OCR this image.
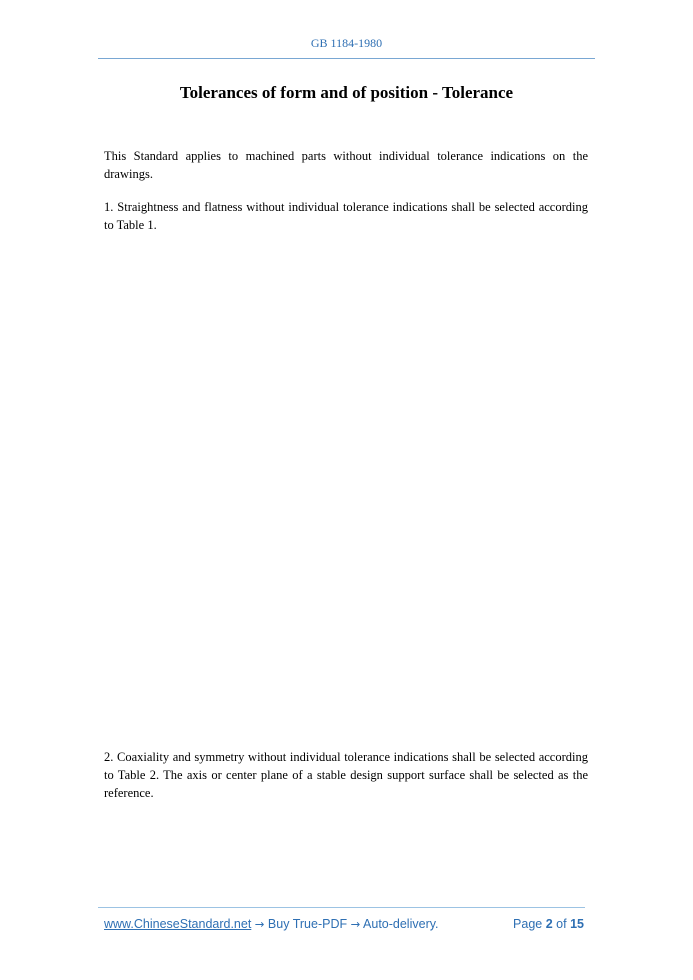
GB 1184-1980
Tolerances of form and of position - Tolerance
This Standard applies to machined parts without individual tolerance indications on the drawings.
1. Straightness and flatness without individual tolerance indications shall be selected according to Table 1.
2. Coaxiality and symmetry without individual tolerance indications shall be selected according to Table 2. The axis or center plane of a stable design support surface shall be selected as the reference.
www.ChineseStandard.net → Buy True-PDF → Auto-delivery.	Page 2 of 15
